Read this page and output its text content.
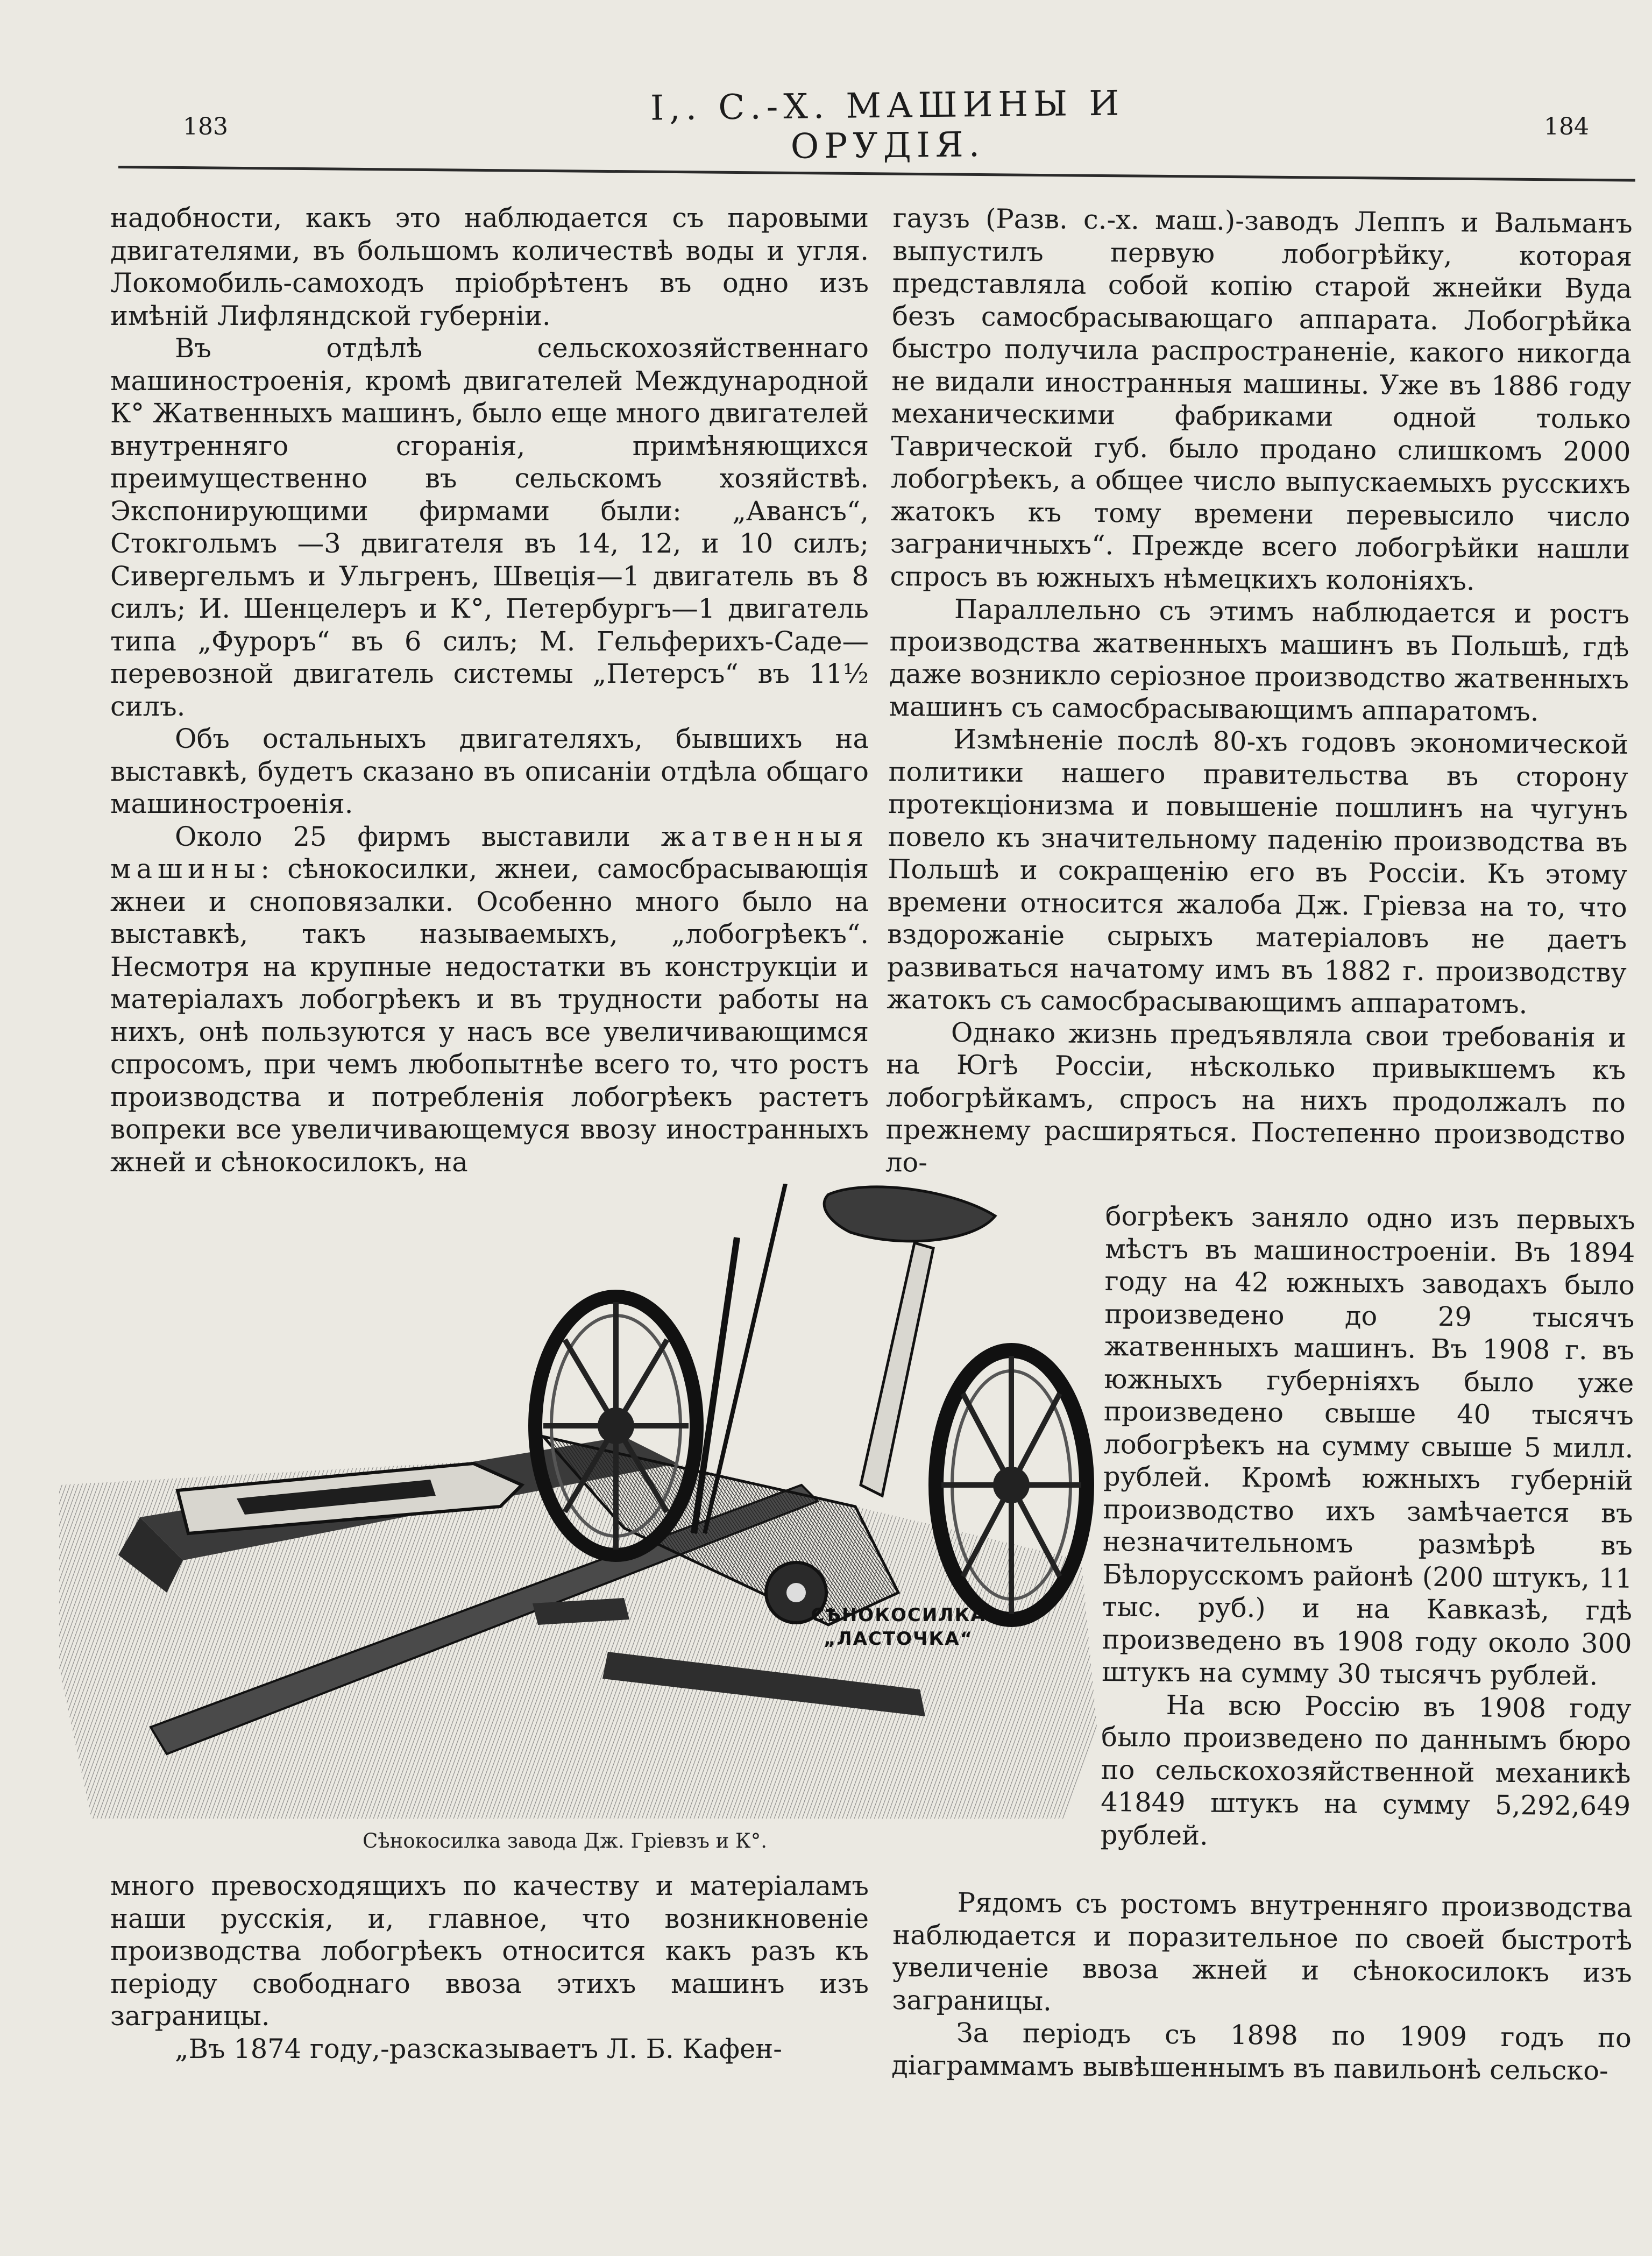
183	I,. С.-Х. МАШИНЫ И ОРУДІЯ.	184

надобности, какъ это наблюдается съ паровыми двигателями, въ большомъ количествѣ воды и угля. Локомобиль-самоходъ пріобрѣтенъ въ одно изъ имѣній Лифляндской губерніи.

Въ отдѣлѣ сельскохозяйственнаго машиностроенія, кромѣ двигателей Международной К° Жатвенныхъ машинъ, было еще много двигателей внутренняго сгоранія, примѣняющихся преимущественно въ сельскомъ хозяйствѣ. Экспонирующими фирмами были: „Авансъ“, Стокгольмъ —3 двигателя въ 14, 12, и 10 силъ; Сивергельмъ и Ульгренъ, Швеція—1 двигатель въ 8 силъ; И. Шенцелеръ и К°, Петербургъ—1 двигатель типа „Фуроръ“ въ 6 силъ; М. Гельферихъ-Саде—перевозной двигатель системы „Петерсъ“ въ 11½ силъ.

Объ остальныхъ двигателяхъ, бывшихъ на выставкѣ, будетъ сказано въ описаніи отдѣла общаго машиностроенія.

Около 25 фирмъ выставили жатвенныя машины: сѣнокосилки, жнеи, самосбрасывающія жнеи и сноповязалки. Особенно много было на выставкѣ, такъ называемыхъ, „лобогрѣекъ“. Несмотря на крупные недостатки въ конструкціи и матеріалахъ лобогрѣекъ и въ трудности работы на нихъ, онѣ пользуются у насъ все увеличивающимся спросомъ, при чемъ любопытнѣе всего то, что ростъ производства и потребленія лобогрѣекъ растетъ вопреки все увеличивающемуся ввозу иностранныхъ жней и сѣнокосилокъ, на

СѢНОКОСИЛКА
„ЛАСТОЧКА“
Сѣнокосилка завода Дж. Гріевзъ и К°.

много превосходящихъ по качеству и матеріаламъ наши русскія, и, главное, что возникновеніе производства лобогрѣекъ относится какъ разъ къ періоду свободнаго ввоза этихъ машинъ изъ заграницы.

„Въ 1874 году,-разсказываетъ Л. Б. Кафен-

гаузъ (Разв. с.-х. маш.)-заводъ Леппъ и Вальманъ выпустилъ первую лобогрѣйку, которая представляла собой копію старой жнейки Вуда безъ самосбрасывающаго аппарата. Лобогрѣйка быстро получила распространеніе, какого никогда не видали иностранныя машины. Уже въ 1886 году механическими фабриками одной только Таврической губ. было продано слишкомъ 2000 лобогрѣекъ, а общее число выпускаемыхъ русскихъ жатокъ къ тому времени перевысило число заграничныхъ“. Прежде всего лобогрѣйки нашли спросъ въ южныхъ нѣмецкихъ колоніяхъ.

Параллельно съ этимъ наблюдается и ростъ производства жатвенныхъ машинъ въ Польшѣ, гдѣ даже возникло серіозное производство жатвенныхъ машинъ съ самосбрасывающимъ аппаратомъ.

Измѣненіе послѣ 80-хъ годовъ экономической политики нашего правительства въ сторону протекціонизма и повышеніе пошлинъ на чугунъ повело къ значительному паденію производства въ Польшѣ и сокращенію его въ Россіи. Къ этому времени относится жалоба Дж. Гріевза на то, что вздорожаніе сырыхъ матеріаловъ не даетъ развиваться начатому имъ въ 1882 г. производству жатокъ съ самосбрасывающимъ аппаратомъ.

Однако жизнь предъявляла свои требованія и на Югѣ Россіи, нѣсколько привыкшемъ къ лобогрѣйкамъ, спросъ на нихъ продолжалъ по прежнему расширяться. Постепенно производство ло-

богрѣекъ заняло одно изъ первыхъ мѣстъ въ машиностроеніи. Въ 1894 году на 42 южныхъ заводахъ было произведено до 29 тысячъ жатвенныхъ машинъ. Въ 1908 г. въ южныхъ губерніяхъ было уже произведено свыше 40 тысячъ лобогрѣекъ на сумму свыше 5 милл. рублей. Кромѣ южныхъ губерній производство ихъ замѣчается въ незначительномъ размѣрѣ въ Бѣлорусскомъ районѣ (200 штукъ, 11 тыс. руб.) и на Кавказѣ, гдѣ произведено въ 1908 году около 300 штукъ на сумму 30 тысячъ рублей.

На всю Россію въ 1908 году было произведено по даннымъ бюро по сельскохозяйственной механикѣ 41849 штукъ на сумму 5,292,649 рублей.

Рядомъ съ ростомъ внутренняго производства наблюдается и поразительное по своей быстротѣ увеличеніе ввоза жней и сѣнокосилокъ изъ заграницы.

За періодъ съ 1898 по 1909 годъ по діаграммамъ вывѣшеннымъ въ павильонѣ сельско-
